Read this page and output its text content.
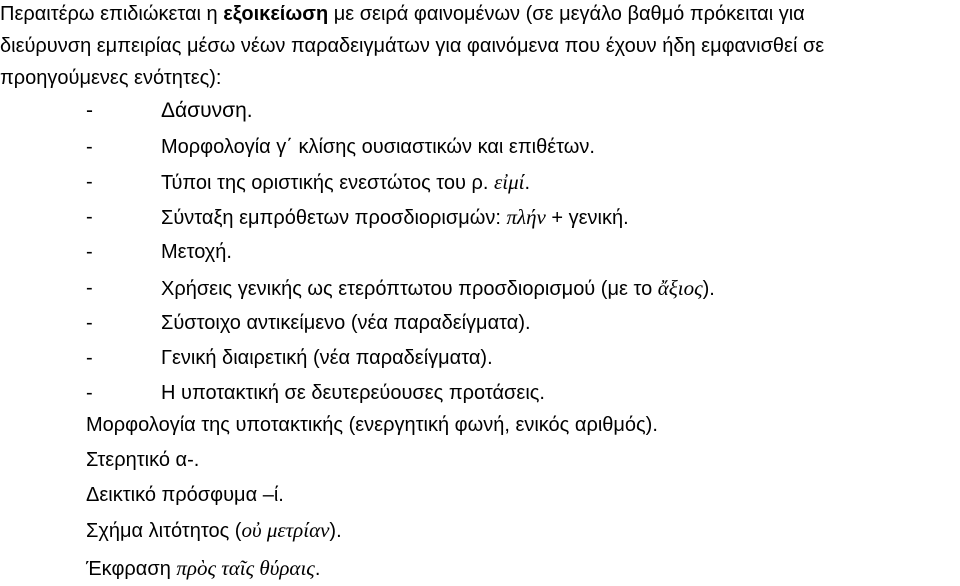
Περαιτέρω επιδιώκεται η εξοικείωση με σειρά φαινομένων (σε μεγάλο βαθμό πρόκειται για
διεύρυνση εμπειρίας μέσω νέων παραδειγμάτων για φαινόμενα που έχουν ήδη εμφανισθεί σε
προηγούμενες ενότητες):
-	Δάσυνση.
-	Μορφολογία γ΄ κλίσης ουσιαστικών και επιθέτων.
-	Τύποι της οριστικής ενεστώτος του ρ. εἰμί.
-	Σύνταξη εμπρόθετων προσδιορισμών: πλήν + γενική.
-	Μετοχή.
-	Χρήσεις γενικής ως ετερόπτωτου προσδιορισμού (με το ἄξιος).
-	Σύστοιχο αντικείμενο (νέα παραδείγματα).
-	Γενική διαιρετική (νέα παραδείγματα).
-	Η υποτακτική σε δευτερεύουσες προτάσεις.
Μορφολογία της υποτακτικής (ενεργητική φωνή, ενικός αριθμός).
Στερητικό α-.
Δεικτικό πρόσφυμα –ί.
Σχήμα λιτότητος (οὐ μετρίαν).
Έκφραση πρὸς ταῖς θύραις.
